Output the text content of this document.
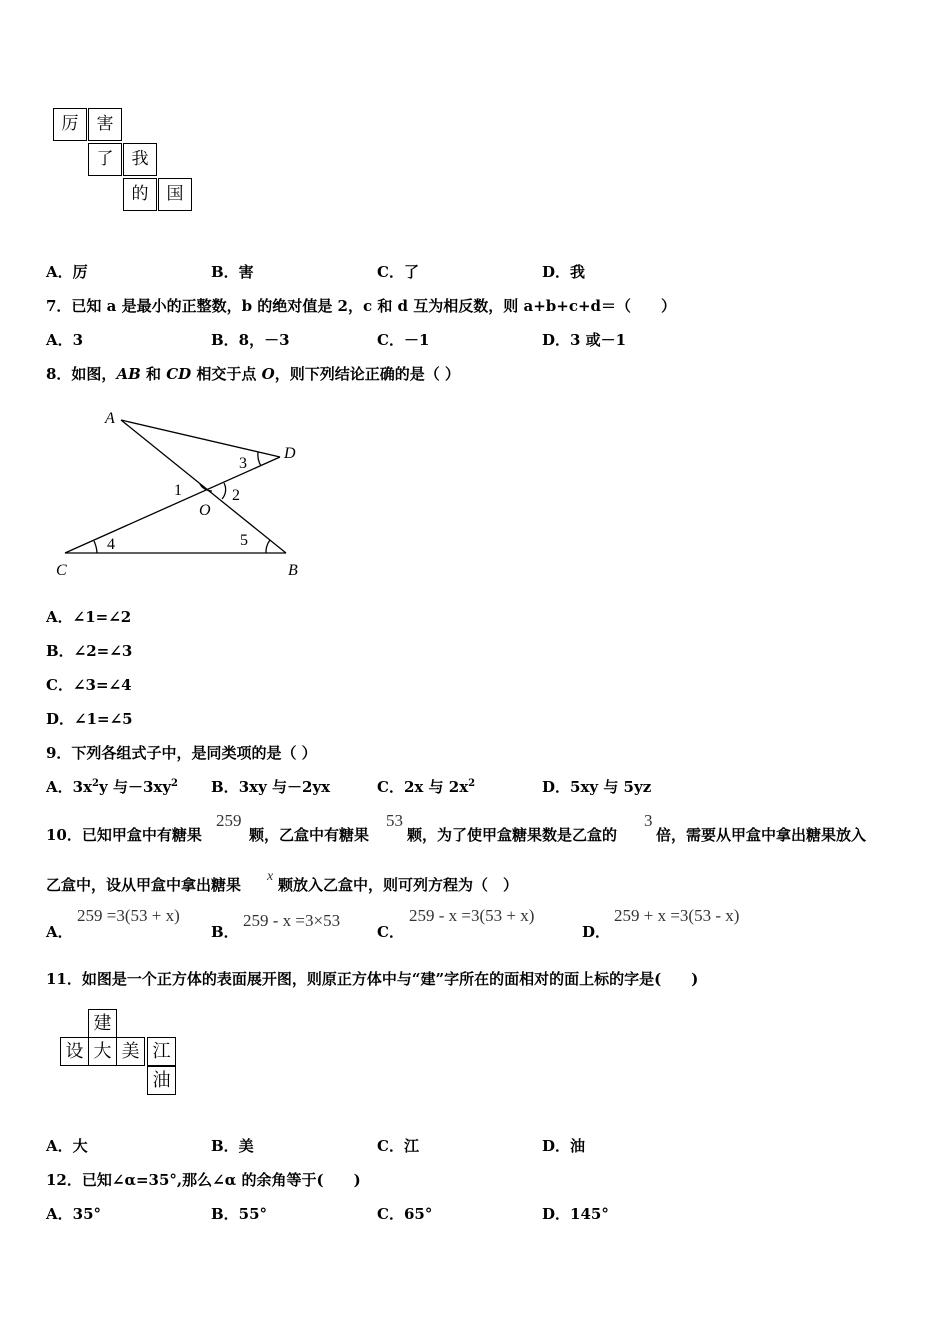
厉	害
了	我
的	国
A．厉	B．害	C．了	D．我
7．已知 a 是最小的正整数，b 的绝对值是 2，c 和 d 互为相反数，则 a+b+c+d＝（　　）
A．3	B．8，－3	C．－1	D．3 或－1
8．如图，AB 和 CD 相交于点 O，则下列结论正确的是（ ）
A
D
C	B
O
1	2
3
4	5
A．∠1=∠2
B．∠2=∠3
C．∠3=∠4
D．∠1=∠5
9．下列各组式子中，是同类项的是（ ）
A．$3x^2y$ 与$-3xy^2$ B．3xy 与－2yx	C．2x 与 $2x^2$	D．5xy 与 5yz
10．已知甲盒中有糖果
259
颗，乙盒中有糖果
53
颗，为了使甲盒糖果数是乙盒的
3
倍，需要从甲盒中拿出糖果放入
乙盒中，设从甲盒中拿出糖果 x 颗放入乙盒中，则可列方程为（　）
A．
259 =3(53 + x)
B．
259 - x =3×53
C．
259 - x =3(53 + x)
D．
259 + x =3(53 - x)
11．如图是一个正方体的表面展开图，则原正方体中与“建”字所在的面相对的面上标的字是(　　)
建
设 大 美 江
油
A．大	B．美	C．江	D．油
12．已知∠α=35°,那么∠α 的余角等于(　　)
A．35°	B．55°	C．65°	D．145°
